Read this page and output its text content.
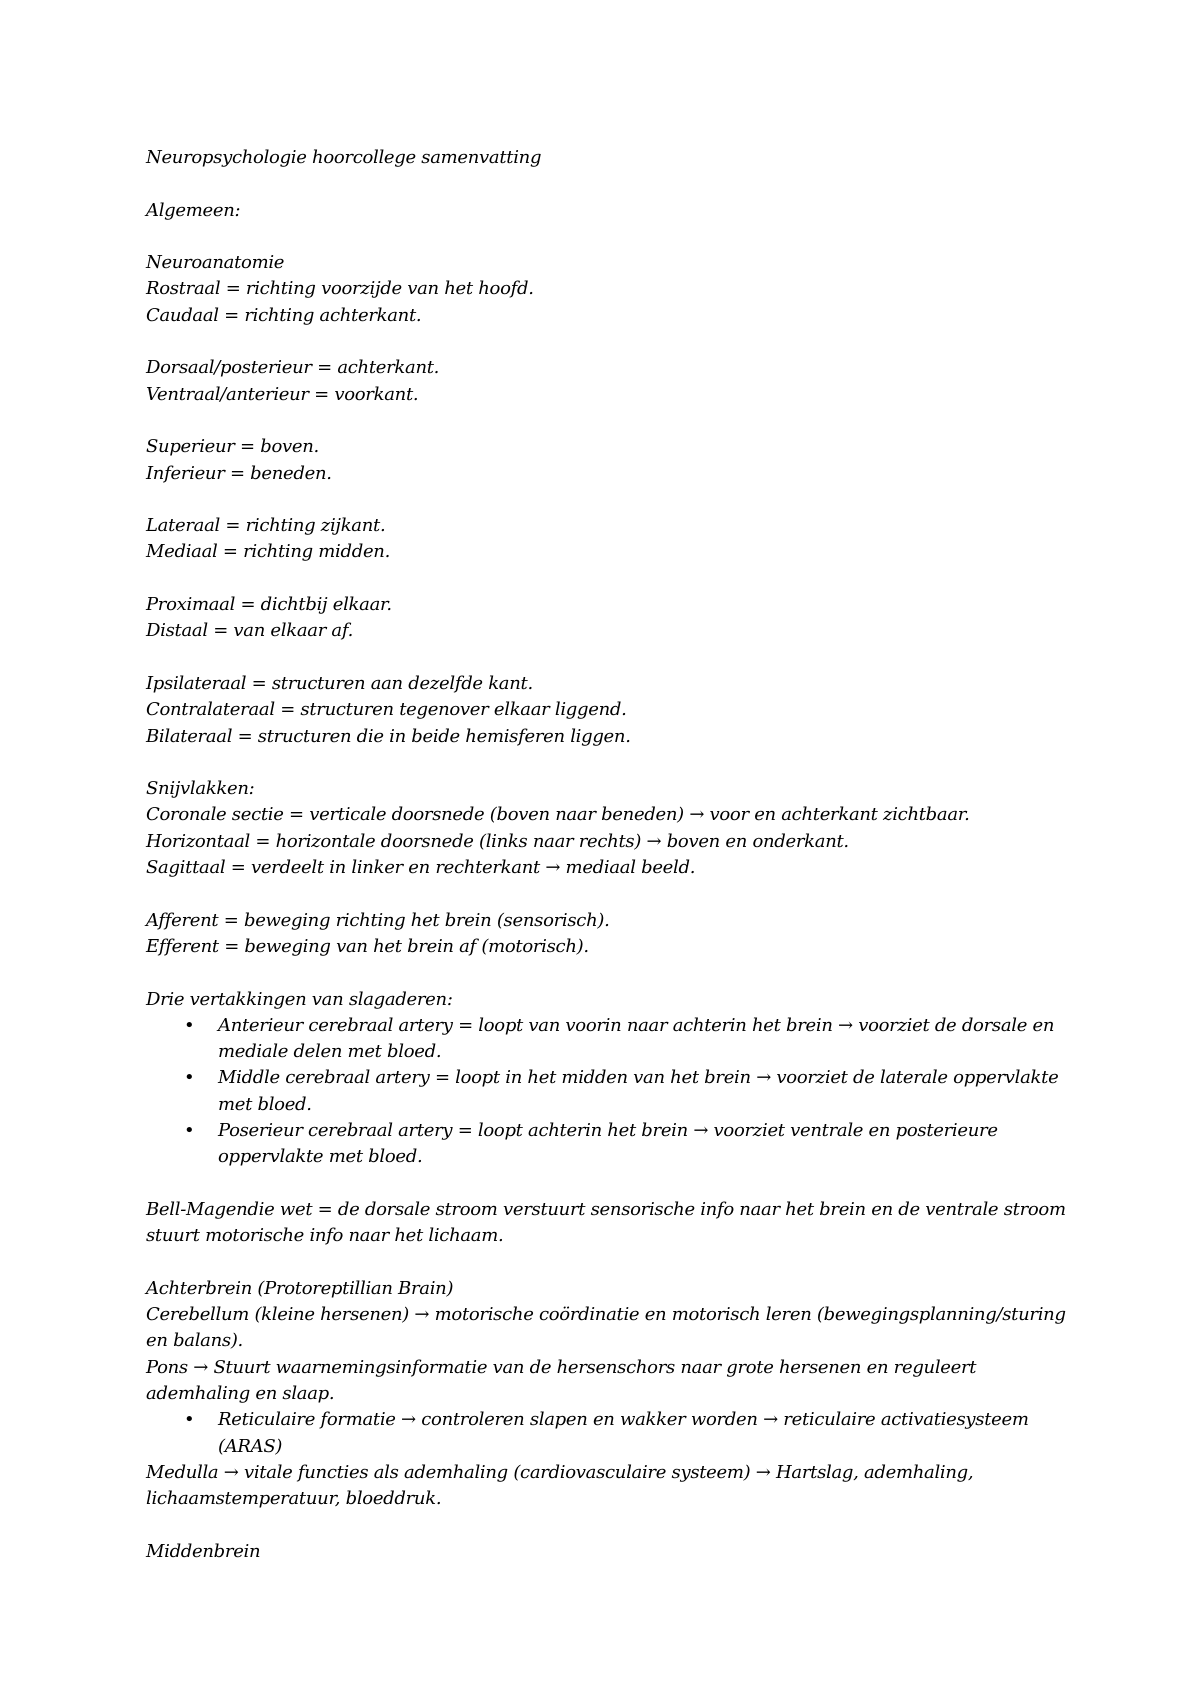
Neuropsychologie hoorcollege samenvatting
Algemeen:
Neuroanatomie
Rostraal = richting voorzijde van het hoofd.
Caudaal = richting achterkant.
Dorsaal/posterieur = achterkant.
Ventraal/anterieur = voorkant.
Superieur = boven.
Inferieur = beneden.
Lateraal = richting zijkant.
Mediaal = richting midden.
Proximaal = dichtbij elkaar.
Distaal = van elkaar af.
Ipsilateraal = structuren aan dezelfde kant.
Contralateraal = structuren tegenover elkaar liggend.
Bilateraal = structuren die in beide hemisferen liggen.
Snijvlakken:
Coronale sectie = verticale doorsnede (boven naar beneden) → voor en achterkant zichtbaar.
Horizontaal = horizontale doorsnede (links naar rechts) → boven en onderkant.
Sagittaal = verdeelt in linker en rechterkant → mediaal beeld.
Afferent = beweging richting het brein (sensorisch).
Efferent = beweging van het brein af (motorisch).
Drie vertakkingen van slagaderen:
• Anterieur cerebraal artery = loopt van voorin naar achterin het brein → voorziet de dorsale en mediale delen met bloed.
• Middle cerebraal artery = loopt in het midden van het brein → voorziet de laterale oppervlakte met bloed.
• Poserieur cerebraal artery = loopt achterin het brein → voorziet ventrale en posterieure oppervlakte met bloed.
Bell-Magendie wet = de dorsale stroom verstuurt sensorische info naar het brein en de ventrale stroom stuurt motorische info naar het lichaam.
Achterbrein (Protoreptillian Brain)
Cerebellum (kleine hersenen) → motorische coördinatie en motorisch leren (bewegingsplanning/sturing en balans).
Pons → Stuurt waarnemingsinformatie van de hersenschors naar grote hersenen en reguleert ademhaling en slaap.
• Reticulaire formatie → controleren slapen en wakker worden → reticulaire activatiesysteem (ARAS)
Medulla → vitale functies als ademhaling (cardiovasculaire systeem) → Hartslag, ademhaling, lichaamstemperatuur, bloeddruk.
Middenbrein
